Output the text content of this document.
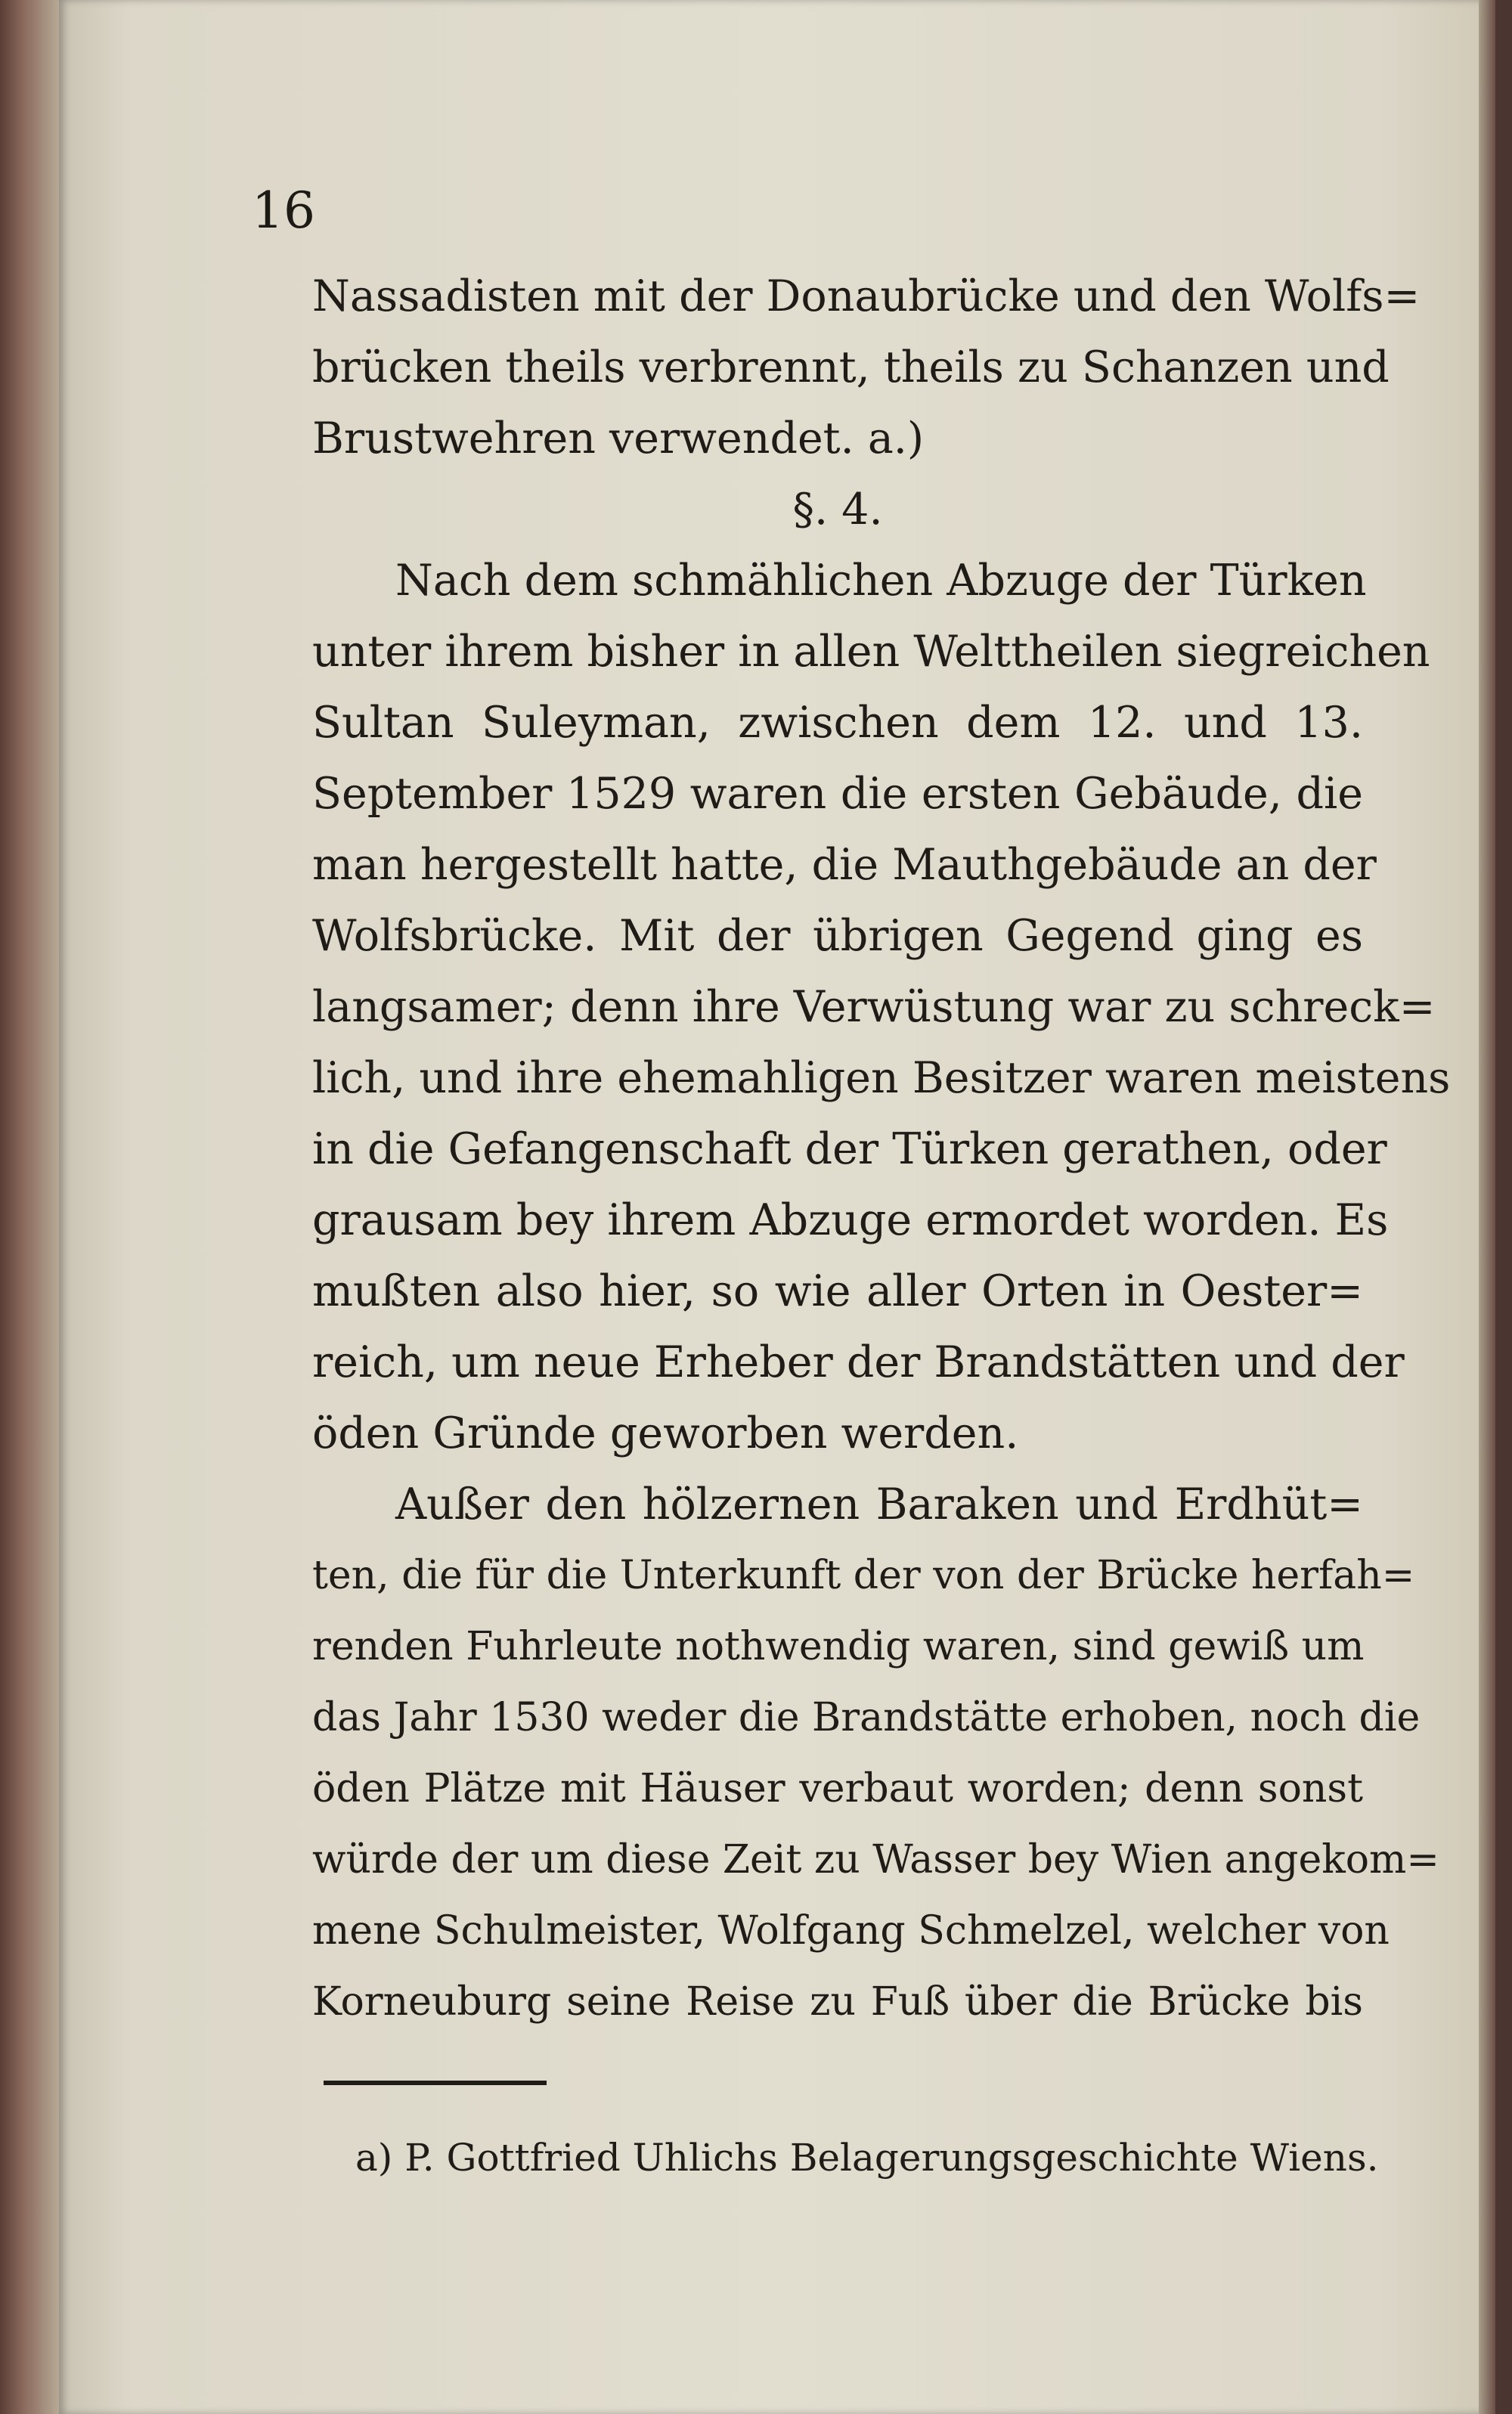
16
Nassadisten mit der Donaubrücke und den Wolfs=
brücken theils verbrennt, theils zu Schanzen und
Brustwehren verwendet. a.)
§. 4.
Nach dem schmählichen Abzuge der Türken
unter ihrem bisher in allen Welttheilen siegreichen
Sultan Suleyman, zwischen dem 12. und 13.
September 1529 waren die ersten Gebäude, die
man hergestellt hatte, die Mauthgebäude an der
Wolfsbrücke. Mit der übrigen Gegend ging es
langsamer; denn ihre Verwüstung war zu schreck=
lich, und ihre ehemahligen Besitzer waren meistens
in die Gefangenschaft der Türken gerathen, oder
grausam bey ihrem Abzuge ermordet worden. Es
mußten also hier, so wie aller Orten in Oester=
reich, um neue Erheber der Brandstätten und der
öden Gründe geworben werden.
Außer den hölzernen Baraken und Erdhüt=
ten, die für die Unterkunft der von der Brücke herfah=
renden Fuhrleute nothwendig waren, sind gewiß um
das Jahr 1530 weder die Brandstätte erhoben, noch die
öden Plätze mit Häuser verbaut worden; denn sonst
würde der um diese Zeit zu Wasser bey Wien angekom=
mene Schulmeister, Wolfgang Schmelzel, welcher von
Korneuburg seine Reise zu Fuß über die Brücke bis
a) P. Gottfried Uhlichs Belagerungsgeschichte Wiens.
